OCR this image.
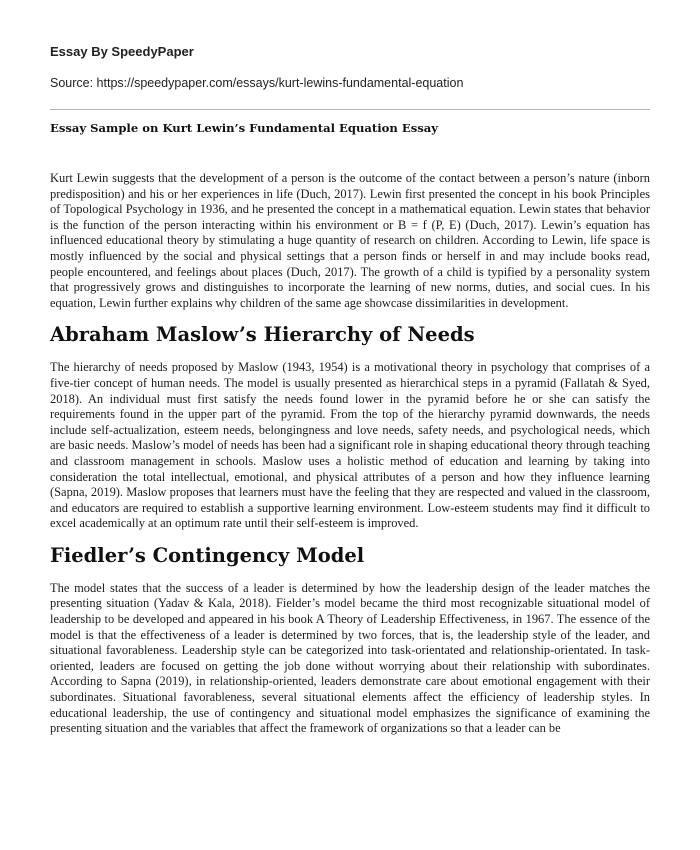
Essay By SpeedyPaper
Source: https://speedypaper.com/essays/kurt-lewins-fundamental-equation
Essay Sample on Kurt Lewin’s Fundamental Equation Essay

Kurt Lewin suggests that the development of a person is the outcome of the contact between a person’s nature (inborn predisposition) and his or her experiences in life (Duch, 2017). Lewin first presented the concept in his book Principles of Topological Psychology in 1936, and he presented the concept in a mathematical equation. Lewin states that behavior is the function of the person interacting within his environment or B = f (P, E) (Duch, 2017). Lewin’s equation has influenced educational theory by stimulating a huge quantity of research on children. According to Lewin, life space is mostly influenced by the social and physical settings that a person finds or herself in and may include books read, people encountered, and feelings about places (Duch, 2017). The growth of a child is typified by a personality system that progressively grows and distinguishes to incorporate the learning of new norms, duties, and social cues. In his equation, Lewin further explains why children of the same age showcase dissimilarities in development.

Abraham Maslow’s Hierarchy of Needs

The hierarchy of needs proposed by Maslow (1943, 1954) is a motivational theory in psychology that comprises of a five-tier concept of human needs. The model is usually presented as hierarchical steps in a pyramid (Fallatah & Syed, 2018). An individual must first satisfy the needs found lower in the pyramid before he or she can satisfy the requirements found in the upper part of the pyramid. From the top of the hierarchy pyramid downwards, the needs include self-actualization, esteem needs, belongingness and love needs, safety needs, and psychological needs, which are basic needs. Maslow’s model of needs has been had a significant role in shaping educational theory through teaching and classroom management in schools. Maslow uses a holistic method of education and learning by taking into consideration the total intellectual, emotional, and physical attributes of a person and how they influence learning (Sapna, 2019). Maslow proposes that learners must have the feeling that they are respected and valued in the classroom, and educators are required to establish a supportive learning environment. Low-esteem students may find it difficult to excel academically at an optimum rate until their self-esteem is improved.

Fiedler’s Contingency Model

The model states that the success of a leader is determined by how the leadership design of the leader matches the presenting situation (Yadav & Kala, 2018). Fielder’s model became the third most recognizable situational model of leadership to be developed and appeared in his book A Theory of Leadership Effectiveness, in 1967. The essence of the model is that the effectiveness of a leader is determined by two forces, that is, the leadership style of the leader, and situational favorableness. Leadership style can be categorized into task-orientated and relationship-orientated. In task-oriented, leaders are focused on getting the job done without worrying about their relationship with subordinates. According to Sapna (2019), in relationship-oriented, leaders demonstrate care about emotional engagement with their subordinates. Situational favorableness, several situational elements affect the efficiency of leadership styles. In educational leadership, the use of contingency and situational model emphasizes the significance of examining the presenting situation and the variables that affect the framework of organizations so that a leader can be
